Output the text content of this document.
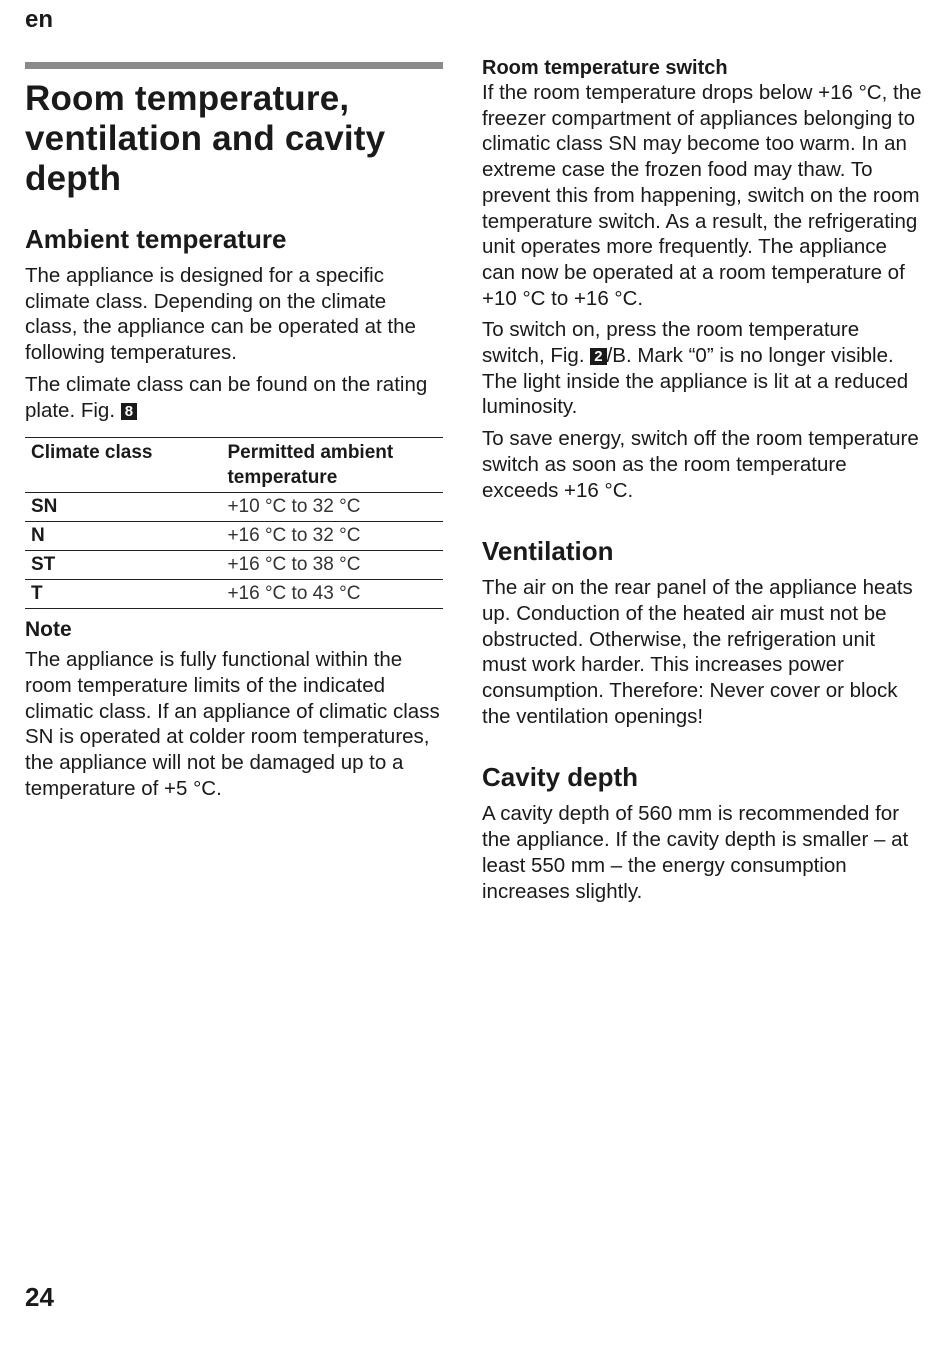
en
Room temperature, ventilation and cavity depth
Ambient temperature

The appliance is designed for a specific climate class. Depending on the climate class, the appliance can be operated at the following temperatures.

The climate class can be found on the rating plate. Fig. 8

Climate class	Permitted ambient temperature
SN	+10 °C to 32 °C
N	+16 °C to 32 °C
ST	+16 °C to 38 °C
T	+16 °C to 43 °C
Note

The appliance is fully functional within the room temperature limits of the indicated climatic class. If an appliance of climatic class SN is operated at colder room temperatures, the appliance will not be damaged up to a temperature of +5 °C.

Room temperature switch

If the room temperature drops below +16 °C, the freezer compartment of appliances belonging to climatic class SN may become too warm. In an extreme case the frozen food may thaw. To prevent this from happening, switch on the room temperature switch. As a result, the refrigerating unit operates more frequently. The appliance can now be operated at a room temperature of +10 °C to +16 °C.

To switch on, press the room temperature switch, Fig. 2 /B. Mark “0” is no longer visible. The light inside the appliance is lit at a reduced luminosity.

To save energy, switch off the room temperature switch as soon as the room temperature exceeds +16 °C.

Ventilation

The air on the rear panel of the appliance heats up. Conduction of the heated air must not be obstructed. Otherwise, the refrigeration unit must work harder. This increases power consumption. Therefore: Never cover or block the ventilation openings!

Cavity depth

A cavity depth of 560 mm is recommended for the appliance. If the cavity depth is smaller – at least 550 mm – the energy consumption increases slightly.

24
